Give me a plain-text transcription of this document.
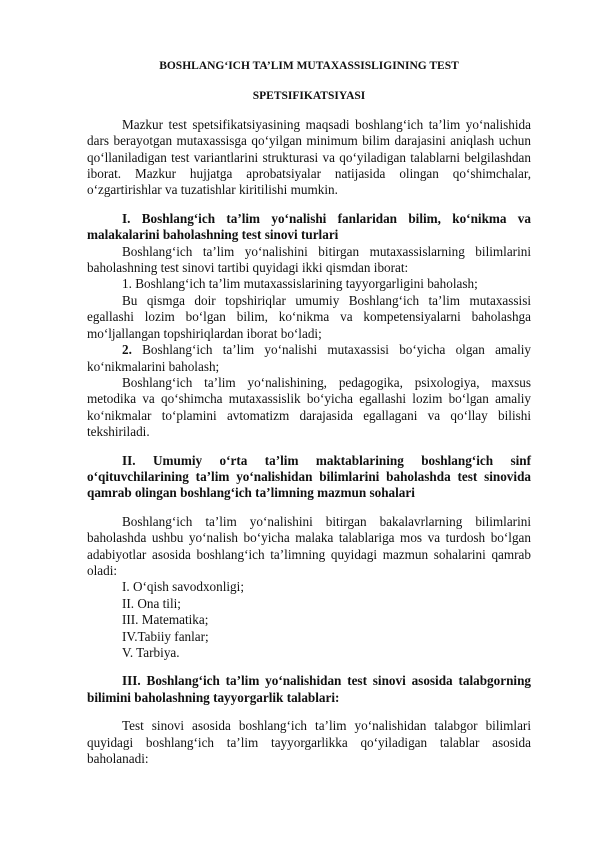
BOSHLANG‘ICH TA’LIM MUTAXASSISLIGINING TEST

SPETSIFIKATSIYASI

Mazkur test spetsifikatsiyasining maqsadi boshlang‘ich ta’lim yo‘nalishida dars berayotgan mutaxassisga qo‘yilgan minimum bilim darajasini aniqlash uchun qo‘llaniladigan test variantlarini strukturasi va qo‘yiladigan talablarni belgilashdan iborat. Mazkur hujjatga aprobatsiyalar natijasida olingan qo‘shimchalar, o‘zgartirishlar va tuzatishlar kiritilishi mumkin.

I. Boshlang‘ich ta’lim yo‘nalishi fanlaridan bilim, ko‘nikma va malakalarini baholashning test sinovi turlari

Boshlang‘ich ta’lim yo‘nalishini bitirgan mutaxassislarning bilimlarini baholashning test sinovi tartibi quyidagi ikki qismdan iborat:

1. Boshlang‘ich ta’lim mutaxassislarining tayyorgarligini baholash;

Bu qismga doir topshiriqlar umumiy Boshlang‘ich ta’lim mutaxassisi egallashi lozim bo‘lgan bilim, ko‘nikma va kompetensiyalarni baholashga mo‘ljallangan topshiriqlardan iborat bo‘ladi;

2. Boshlang‘ich ta’lim yo‘nalishi mutaxassisi bo‘yicha olgan amaliy ko‘nikmalarini baholash;

Boshlang‘ich ta’lim yo‘nalishining, pedagogika, psixologiya, maxsus metodika va qo‘shimcha mutaxassislik bo‘yicha egallashi lozim bo‘lgan amaliy ko‘nikmalar to‘plamini avtomatizm darajasida egallagani va qo‘llay bilishi tekshiriladi.

II. Umumiy o‘rta ta’lim maktablarining boshlang‘ich sinf o‘qituvchilarining ta’lim yo‘nalishidan bilimlarini baholashda test sinovida qamrab olingan boshlang‘ich ta’limning mazmun sohalari

Boshlang‘ich ta’lim yo‘nalishini bitirgan bakalavrlarning bilimlarini baholashda ushbu yo‘nalish bo‘yicha malaka talablariga mos va turdosh bo‘lgan adabiyotlar asosida boshlang‘ich ta’limning quyidagi mazmun sohalarini qamrab oladi:

I. O‘qish savodxonligi;
II. Ona tili;
III. Matematika;
IV.Tabiiy fanlar;
V. Tarbiya.

III. Boshlang‘ich ta’lim yo‘nalishidan test sinovi asosida talabgorning bilimini baholashning tayyorgarlik talablari:

Test sinovi asosida boshlang‘ich ta’lim yo‘nalishidan talabgor bilimlari quyidagi boshlang‘ich ta’lim tayyorgarlikka qo‘yiladigan talablar asosida baholanadi:
